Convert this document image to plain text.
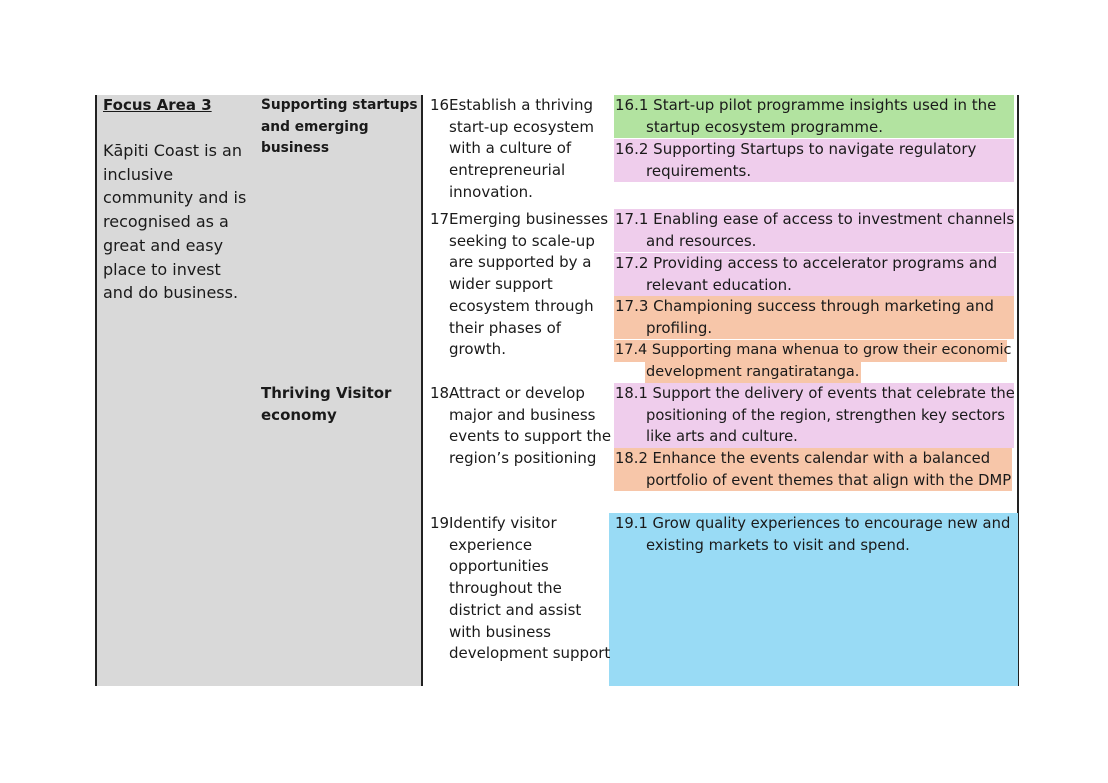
Focus Area 3
Kāpiti Coast is an
inclusive
community and is
recognised as a
great and easy
place to invest
and do business.
Supporting startups
and emerging
business
Thriving Visitor
economy
16 Establish a thriving
start-up ecosystem
with a culture of
entrepreneurial
innovation.
17 Emerging businesses
seeking to scale-up
are supported by a
wider support
ecosystem through
their phases of
growth.
18 Attract or develop
major and business
events to support the
region’s positioning
19 Identify visitor
experience
opportunities
throughout the
district and assist
with business
development support
16.1 Start-up pilot programme insights used in the
startup ecosystem programme.
16.2 Supporting Startups to navigate regulatory
requirements.
17.1 Enabling ease of access to investment channels
and resources.
17.2 Providing access to accelerator programs and
relevant education.
17.3 Championing success through marketing and
profiling.
17.4 Supporting mana whenua to grow their economic
development rangatiratanga.
18.1 Support the delivery of events that celebrate the
positioning of the region, strengthen key sectors
like arts and culture.
18.2 Enhance the events calendar with a balanced
portfolio of event themes that align with the DMP
19.1 Grow quality experiences to encourage new and
existing markets to visit and spend.
